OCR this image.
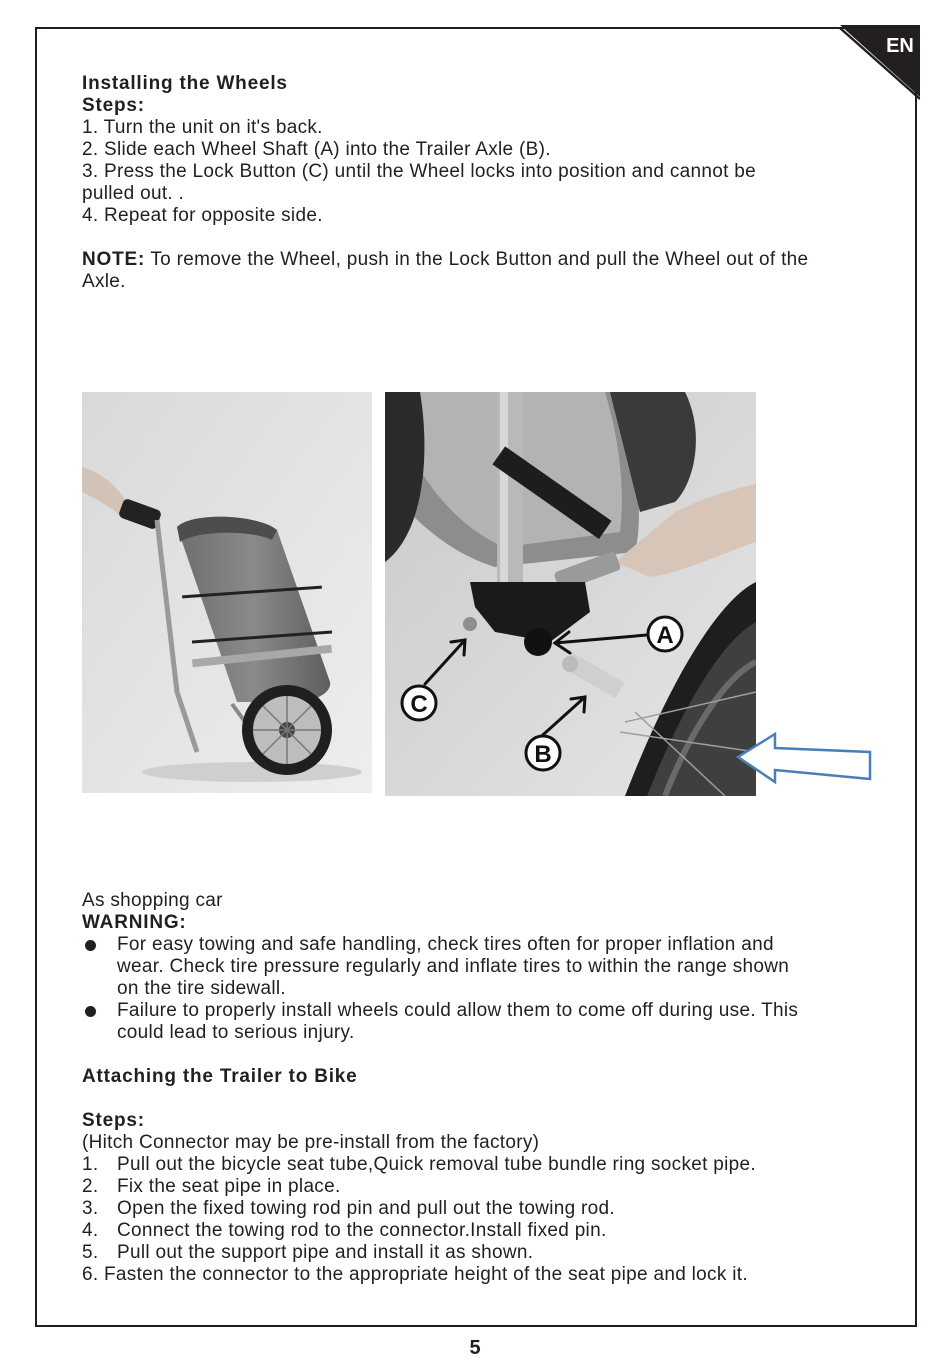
EN

Installing the Wheels

Steps:

1. Turn the unit on it's back.

2. Slide each Wheel Shaft (A) into the Trailer Axle (B).

3. Press the Lock Button (C) until the Wheel locks into position and cannot be

pulled out. .

4. Repeat for opposite side.

NOTE: To remove the Wheel, push in the Lock Button and pull the Wheel out of the

Axle.

A
C
B

As shopping car

WARNING:

For easy towing and safe handling, check tires often for proper inflation and

wear. Check tire pressure regularly and inflate tires to within the range shown

on the tire sidewall.

Failure to properly install wheels could allow them to come off during use. This

could lead to serious injury.

Attaching the Trailer to Bike

Steps:

(Hitch Connector may be pre-install from the factory)

1. Pull out the bicycle seat tube,Quick removal tube bundle ring socket pipe.
2. Fix the seat pipe in place.
3. Open the fixed towing rod pin and pull out the towing rod.
4. Connect the towing rod to the connector.Install fixed pin.
5. Pull out the support pipe and install it as shown.

6. Fasten the connector to the appropriate height of the seat pipe and lock it.

5
